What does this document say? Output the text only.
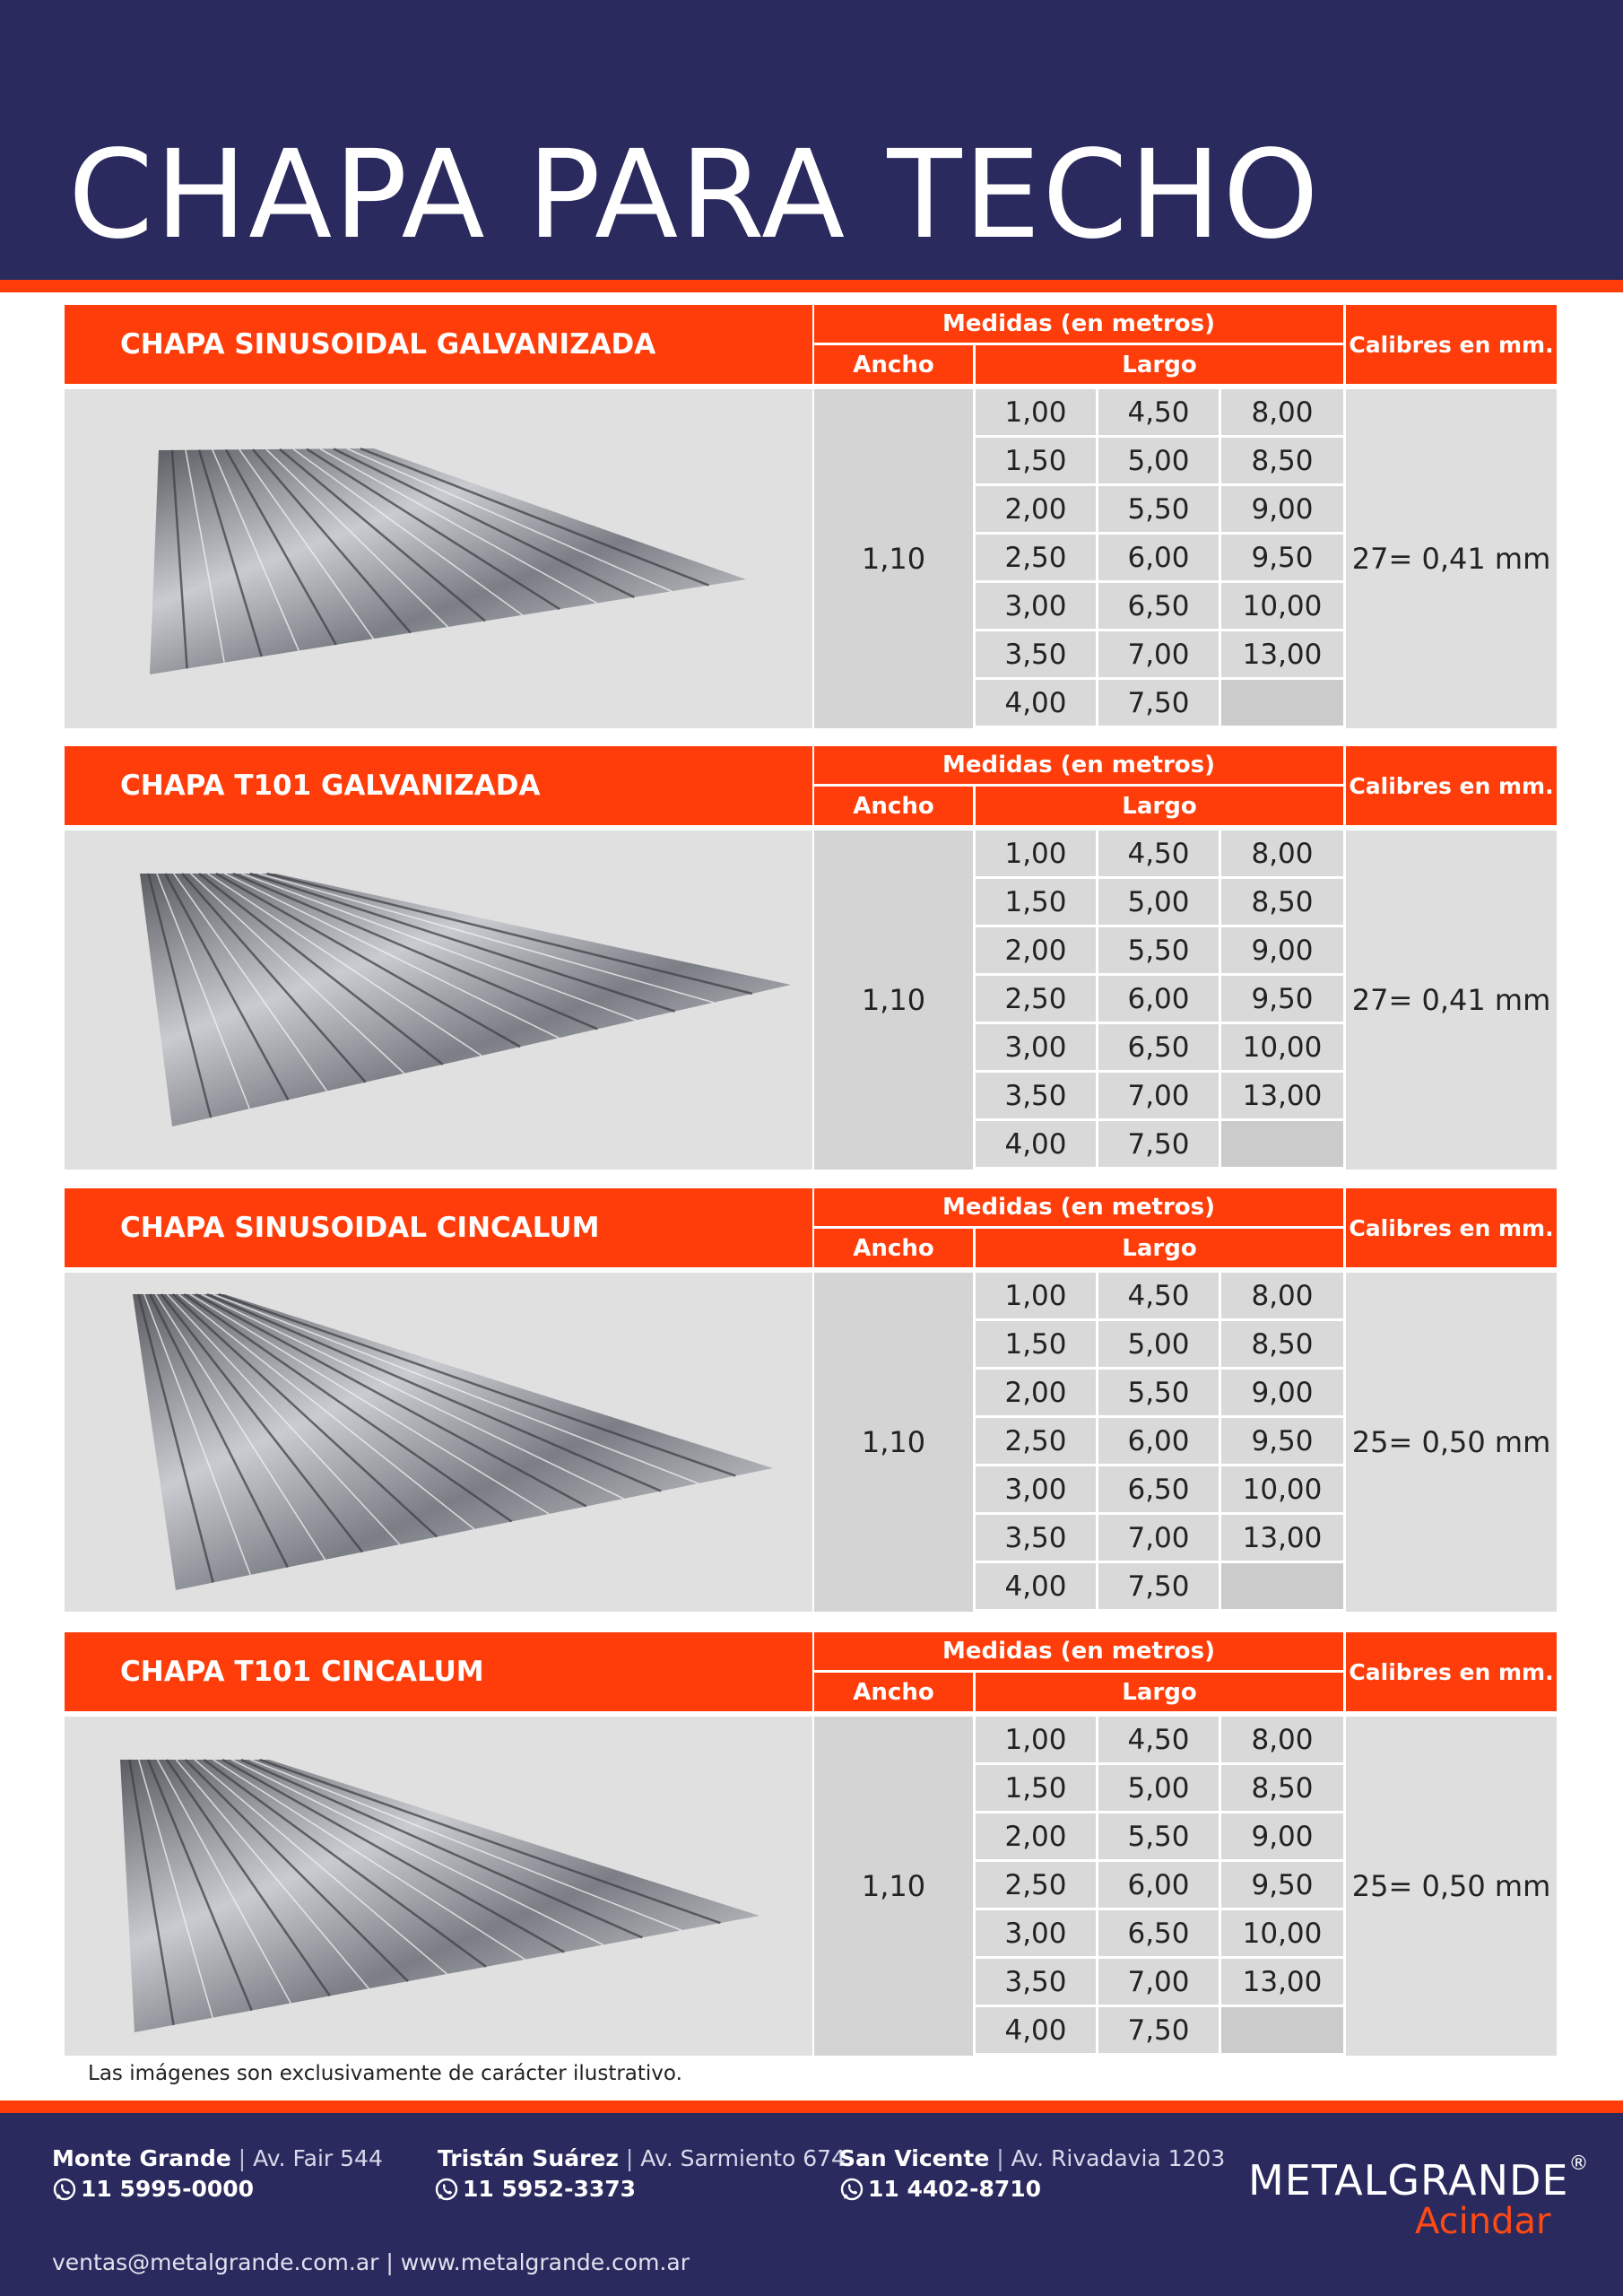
CHAPA PARA TECHO
CHAPA SINUSOIDAL GALVANIZADA
Medidas (en metros)
Ancho	Largo
Calibres en mm.
1,10
1,00	4,50	8,00
1,50	5,00	8,50
2,00	5,50	9,00
2,50	6,00	9,50
3,00	6,50	10,00
3,50	7,00	13,00
4,00	7,50
27= 0,41 mm
CHAPA T101 GALVANIZADA
Medidas (en metros)
Ancho	Largo
Calibres en mm.
1,10
1,00	4,50	8,00
1,50	5,00	8,50
2,00	5,50	9,00
2,50	6,00	9,50
3,00	6,50	10,00
3,50	7,00	13,00
4,00	7,50
27= 0,41 mm
CHAPA SINUSOIDAL CINCALUM
Medidas (en metros)
Ancho	Largo
Calibres en mm.
1,10
1,00	4,50	8,00
1,50	5,00	8,50
2,00	5,50	9,00
2,50	6,00	9,50
3,00	6,50	10,00
3,50	7,00	13,00
4,00	7,50
25= 0,50 mm
CHAPA T101 CINCALUM
Medidas (en metros)
Ancho	Largo
Calibres en mm.
1,10
1,00	4,50	8,00
1,50	5,00	8,50
2,00	5,50	9,00
2,50	6,00	9,50
3,00	6,50	10,00
3,50	7,00	13,00
4,00	7,50
25= 0,50 mm
Las imágenes son exclusivamente de carácter ilustrativo.
Monte Grande | Av. Fair 544
11 5995-0000
Tristán Suárez | Av. Sarmiento 674
11 5952-3373
San Vicente | Av. Rivadavia 1203
11 4402-8710
ventas@metalgrande.com.ar | www.metalgrande.com.ar
METALGRANDE®
Acindar
